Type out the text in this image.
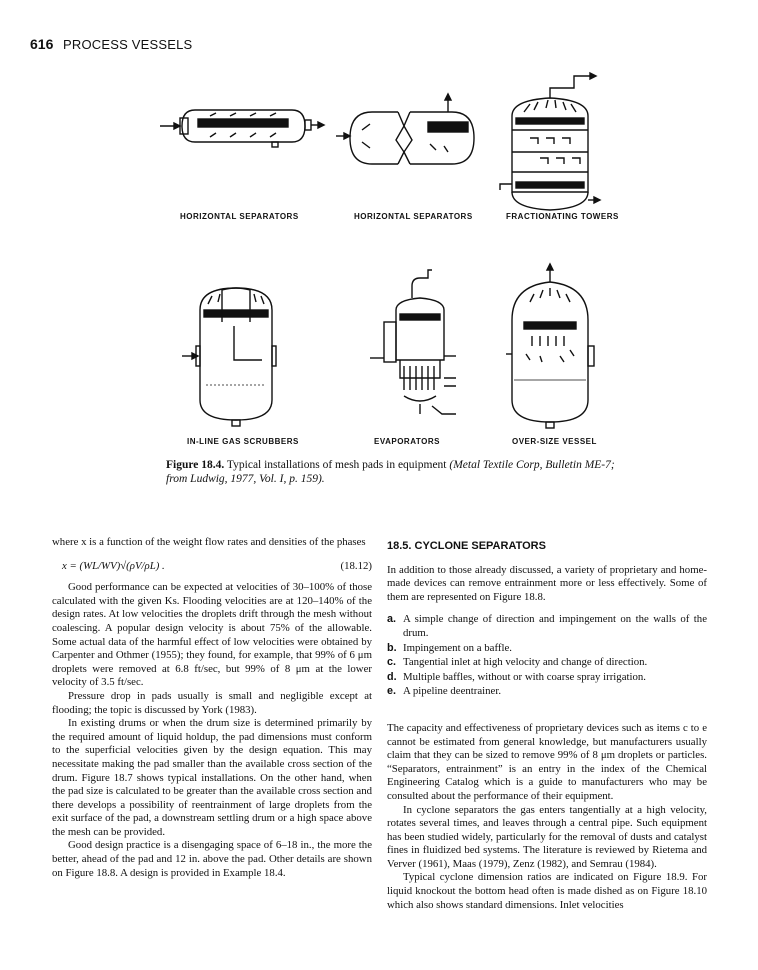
616 PROCESS VESSELS
HORIZONTAL SEPARATORS	HORIZONTAL SEPARATORS	FRACTIONATING TOWERS
IN-LINE GAS SCRUBBERS	EVAPORATORS	OVER-SIZE VESSEL
Figure 18.4. Typical installations of mesh pads in equipment (Metal Textile Corp, Bulletin ME-7; from Ludwig, 1977, Vol. I, p. 159).

where x is a function of the weight flow rates and densities of the phases

x = (WL/WV)√(ρV/ρL) .	(18.12)

Good performance can be expected at velocities of 30–100% of those calculated with the given Ks. Flooding velocities are at 120–140% of the design rates. At low velocities the droplets drift through the mesh without coalescing. A popular design velocity is about 75% of the allowable. Some actual data of the harmful effect of low velocities were obtained by Carpenter and Othmer (1955); they found, for example, that 99% of 6 μm droplets were removed at 6.8 ft/sec, but 99% of 8 μm at the lower velocity of 3.5 ft/sec.

Pressure drop in pads usually is small and negligible except at flooding; the topic is discussed by York (1983).

In existing drums or when the drum size is determined primarily by the required amount of liquid holdup, the pad dimensions must conform to the superficial velocities given by the design equation. This may necessitate making the pad smaller than the available cross section of the drum. Figure 18.7 shows typical installations. On the other hand, when the pad size is calculated to be greater than the available cross section and there develops a possibility of reentrainment of large droplets from the exit surface of the pad, a downstream settling drum or a high space above the mesh can be provided.

Good design practice is a disengaging space of 6–18 in., the more the better, ahead of the pad and 12 in. above the pad. Other details are shown on Figure 18.8. A design is provided in Example 18.4.

18.5. CYCLONE SEPARATORS

In addition to those already discussed, a variety of proprietary and home-made devices can remove entrainment more or less effectively. Some of them are represented on Figure 18.8.

a. A simple change of direction and impingement on the walls of the drum.
b. Impingement on a baffle.
c. Tangential inlet at high velocity and change of direction.
d. Multiple baffles, without or with coarse spray irrigation.
e. A pipeline deentrainer.

The capacity and effectiveness of proprietary devices such as items c to e cannot be estimated from general knowledge, but manufacturers usually claim that they can be sized to remove 99% of 8 μm droplets or particles. “Separators, entrainment” is an entry in the index of the Chemical Engineering Catalog which is a guide to manufacturers who may be consulted about the performance of their equipment.

In cyclone separators the gas enters tangentially at a high velocity, rotates several times, and leaves through a central pipe. Such equipment has been studied widely, particularly for the removal of dusts and catalyst fines in fluidized bed systems. The literature is reviewed by Rietema and Verver (1961), Maas (1979), Zenz (1982), and Semrau (1984).

Typical cyclone dimension ratios are indicated on Figure 18.9. For liquid knockout the bottom head often is made dished as on Figure 18.10 which also shows standard dimensions. Inlet velocities
